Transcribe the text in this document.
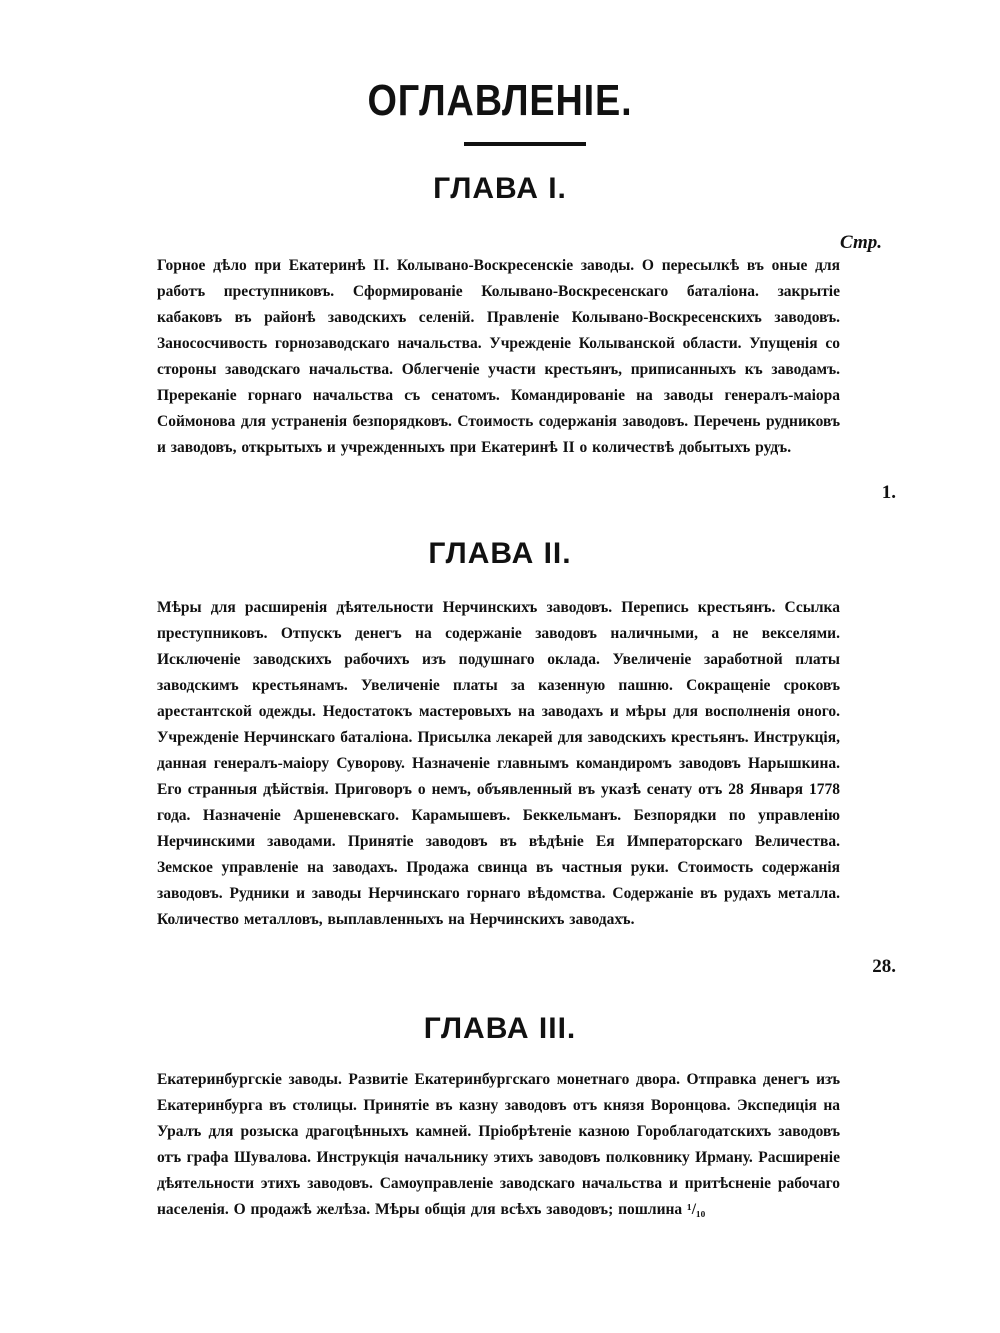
ОГЛАВЛЕНІЕ.
ГЛАВА I.
Стр.

Горное дѣло при Екатеринѣ II. Колывано-Воскресенскіе заводы. О пересылкѣ въ оные для работъ преступниковъ. Сформированіе Колывано-Воскресенскаго баталіона. закрытіе кабаковъ въ районѣ заводскихъ селеній. Правленіе Колывано-Воскресенскихъ заводовъ. Занососчивость горнозаводскаго начальства. Учрежденіе Колыванской области. Упущенія со стороны заводскаго начальства. Облегченіе участи крестьянъ, приписанныхъ къ заводамъ. Пререканіе горнаго начальства съ сенатомъ. Командированіе на заводы генералъ-маіора Соймонова для устраненія безпорядковъ. Стоимость содержанія заводовъ. Перечень рудниковъ и заводовъ, открытыхъ и учрежденныхъ при Екатеринѣ II о количествѣ добытыхъ рудъ.

1.
ГЛАВА II.

Мѣры для расширенія дѣятельности Нерчинскихъ заводовъ. Перепись крестьянъ. Ссылка преступниковъ. Отпускъ денегъ на содержаніе заводовъ наличными, а не векселями. Исключеніе заводскихъ рабочихъ изъ подушнаго оклада. Увеличеніе заработной платы заводскимъ крестьянамъ. Увеличеніе платы за казенную пашню. Сокращеніе сроковъ арестантской одежды. Недостатокъ мастеровыхъ на заводахъ и мѣры для восполненія оного. Учрежденіе Нерчинскаго баталіона. Присылка лекарей для заводскихъ крестьянъ. Инструкція, данная генералъ-маіору Суворову. Назначеніе главнымъ командиромъ заводовъ Нарышкина. Его странныя дѣйствія. Приговоръ о немъ, объявленный въ указѣ сенату отъ 28 Января 1778 года. Назначеніе Аршеневскаго. Карамышевъ. Беккельманъ. Безпорядки по управленію Нерчинскими заводами. Принятіе заводовъ въ вѣдѣніе Ея Императорскаго Величества. Земское управленіе на заводахъ. Продажа свинца въ частныя руки. Стоимость содержанія заводовъ. Рудники и заводы Нерчинскаго горнаго вѣдомства. Содержаніе въ рудахъ металла. Количество металловъ, выплавленныхъ на Нерчинскихъ заводахъ.

28.
ГЛАВА III.

Екатеринбургскіе заводы. Развитіе Екатеринбургскаго монетнаго двора. Отправка денегъ изъ Екатеринбурга въ столицы. Принятіе въ казну заводовъ отъ князя Воронцова. Экспедиція на Уралъ для розыска драгоцѣнныхъ камней. Пріобрѣтеніе казною Гороблагодатскихъ заводовъ отъ графа Шувалова. Инструкція начальнику этихъ заводовъ полковнику Ирману. Расширеніе дѣятельности этихъ заводовъ. Самоуправленіе заводскаго начальства и притѣсненіе рабочаго населенія. О продажѣ желѣза. Мѣры общія для всѣхъ заводовъ; пошлина ¹/₁₀
